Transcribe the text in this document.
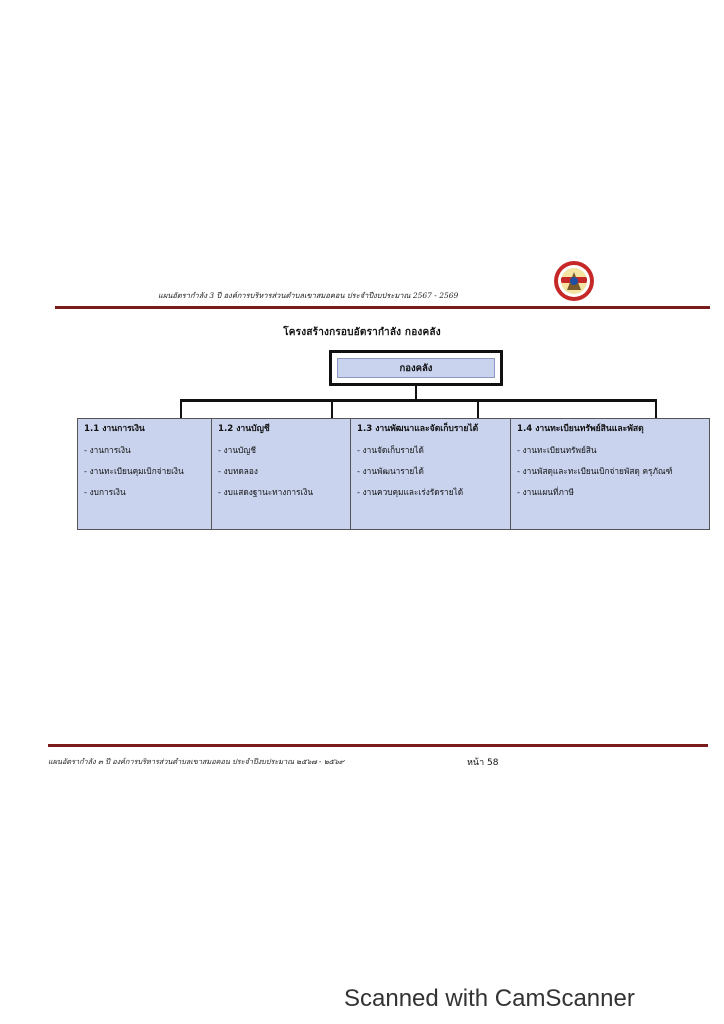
แผนอัตรากำลัง 3 ปี องค์การบริหารส่วนตำบลเขาสมอคอน ประจำปีงบประมาณ 2567 - 2569
โครงสร้างกรอบอัตรากำลัง กองคลัง
กองคลัง
1.1 งานการเงิน
- งานการเงิน
- งานทะเบียนคุมเบิกจ่ายเงิน
- งบการเงิน
1.2 งานบัญชี
- งานบัญชี
- งบทดลอง
- งบแสดงฐานะทางการเงิน
1.3 งานพัฒนาและจัดเก็บรายได้
- งานจัดเก็บรายได้
- งานพัฒนารายได้
- งานควบคุมและเร่งรัดรายได้
1.4 งานทะเบียนทรัพย์สินและพัสดุ
- งานทะเบียนทรัพย์สิน
- งานพัสดุและทะเบียนเบิกจ่ายพัสดุ ครุภัณฑ์
- งานแผนที่ภาษี
แผนอัตรากำลัง ๓ ปี องค์การบริหารส่วนตำบลเขาสมอคอน ประจำปีงบประมาณ ๒๕๖๗ - ๒๕๖๙	หน้า 58
Scanned with CamScanner
